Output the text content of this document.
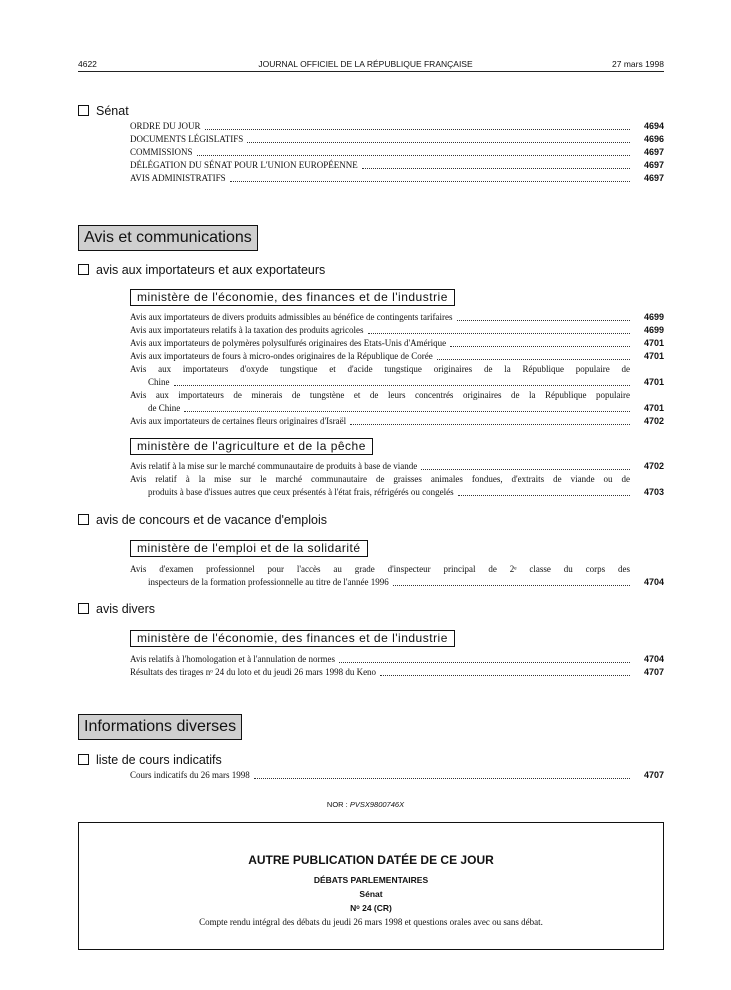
4622	JOURNAL OFFICIEL DE LA RÉPUBLIQUE FRANÇAISE	27 mars 1998
Sénat
ORDRE DU JOUR	4694
DOCUMENTS LÉGISLATIFS	4696
COMMISSIONS	4697
DÉLÉGATION DU SÉNAT POUR L'UNION EUROPÉENNE	4697
AVIS ADMINISTRATIFS	4697
Avis et communications
avis aux importateurs et aux exportateurs
ministère de l'économie, des finances et de l'industrie
Avis aux importateurs de divers produits admissibles au bénéfice de contingents tarifaires	4699
Avis aux importateurs relatifs à la taxation des produits agricoles	4699
Avis aux importateurs de polymères polysulfurés originaires des Etats-Unis d'Amérique	4701
Avis aux importateurs de fours à micro-ondes originaires de la République de Corée	4701
Avis aux importateurs d'oxyde tungstique et d'acide tungstique originaires de la République populaire de
Chine	4701
Avis aux importateurs de minerais de tungstène et de leurs concentrés originaires de la République populaire
de Chine	4701
Avis aux importateurs de certaines fleurs originaires d'Israël	4702
ministère de l'agriculture et de la pêche
Avis relatif à la mise sur le marché communautaire de produits à base de viande	4702
Avis relatif à la mise sur le marché communautaire de graisses animales fondues, d'extraits de viande ou de
produits à base d'issues autres que ceux présentés à l'état frais, réfrigérés ou congelés	4703
avis de concours et de vacance d'emplois
ministère de l'emploi et de la solidarité
Avis d'examen professionnel pour l'accès au grade d'inspecteur principal de 2ᵉ classe du corps des
inspecteurs de la formation professionnelle au titre de l'année 1996	4704
avis divers
ministère de l'économie, des finances et de l'industrie
Avis relatifs à l'homologation et à l'annulation de normes	4704
Résultats des tirages nᵒ 24 du loto et du jeudi 26 mars 1998 du Keno	4707
Informations diverses
liste de cours indicatifs
Cours indicatifs du 26 mars 1998	4707
NOR : PVSX9800746X
AUTRE PUBLICATION DATÉE DE CE JOUR
DÉBATS PARLEMENTAIRES
Sénat
Nᵒ 24 (CR)
Compte rendu intégral des débats du jeudi 26 mars 1998 et questions orales avec ou sans débat.
